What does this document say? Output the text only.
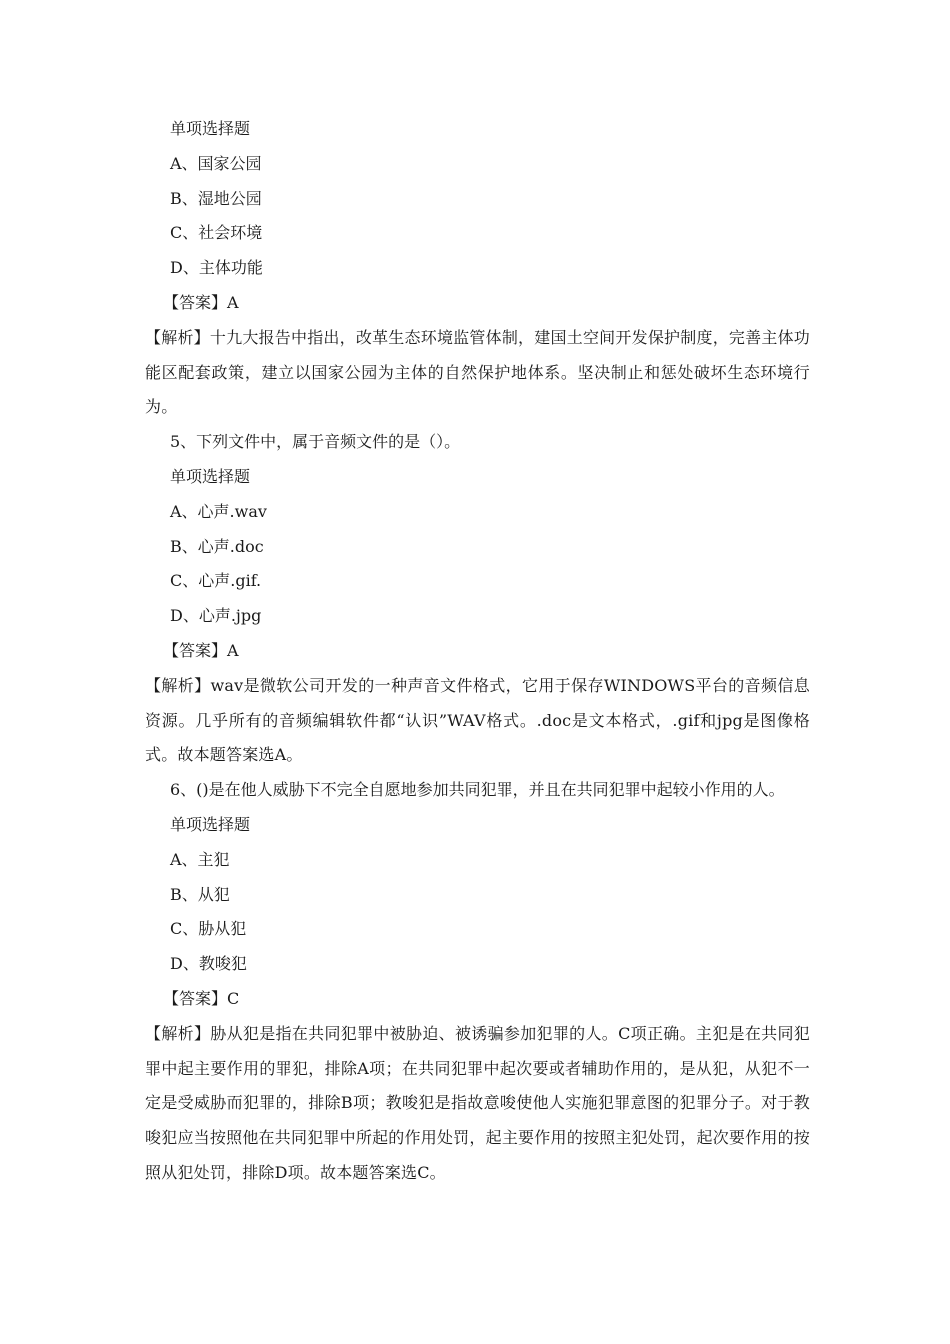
单项选择题
A、国家公园
B、湿地公园
C、社会环境
D、主体功能
【答案】A
【解析】十九大报告中指出，改革生态环境监管体制，建国土空间开发保护制度，完善主体功能区配套政策，建立以国家公园为主体的自然保护地体系。坚决制止和惩处破坏生态环境行为。
5、下列文件中，属于音频文件的是（）。
单项选择题
A、心声.wav
B、心声.doc
C、心声.gif.
D、心声.jpg
【答案】A
【解析】wav是微软公司开发的一种声音文件格式，它用于保存WINDOWS平台的音频信息资源。几乎所有的音频编辑软件都“认识”WAV格式。.doc是文本格式，.gif和jpg是图像格式。故本题答案选A。
6、()是在他人威胁下不完全自愿地参加共同犯罪，并且在共同犯罪中起较小作用的人。
单项选择题
A、主犯
B、从犯
C、胁从犯
D、教唆犯
【答案】C
【解析】胁从犯是指在共同犯罪中被胁迫、被诱骗参加犯罪的人。C项正确。主犯是在共同犯罪中起主要作用的罪犯，排除A项；在共同犯罪中起次要或者辅助作用的，是从犯，从犯不一定是受威胁而犯罪的，排除B项；教唆犯是指故意唆使他人实施犯罪意图的犯罪分子。对于教唆犯应当按照他在共同犯罪中所起的作用处罚，起主要作用的按照主犯处罚，起次要作用的按照从犯处罚，排除D项。故本题答案选C。
